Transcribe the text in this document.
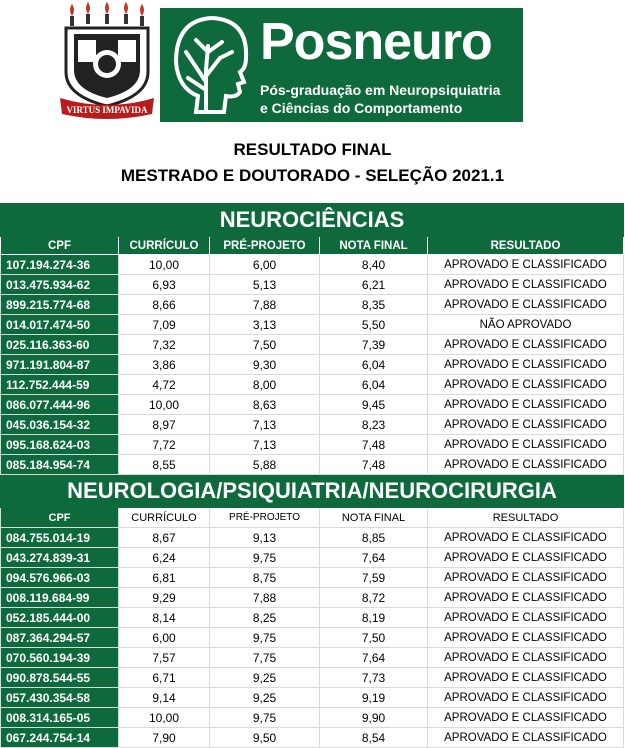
VIRTUS IMPAVIDA
Posneuro
Pós-graduação em Neuropsiquiatria
e Ciências do Comportamento
RESULTADO FINAL
MESTRADO E DOUTORADO - SELEÇÃO 2021.1
NEUROCIÊNCIAS				
CPF	CURRÍCULO	PRÉ-PROJETO	NOTA FINAL	RESULTADO
107.194.274-36	10,00	6,00	8,40	APROVADO E CLASSIFICADO
013.475.934-62	6,93	5,13	6,21	APROVADO E CLASSIFICADO
899.215.774-68	8,66	7,88	8,35	APROVADO E CLASSIFICADO
014.017.474-50	7,09	3,13	5,50	NÃO APROVADO
025.116.363-60	7,32	7,50	7,39	APROVADO E CLASSIFICADO
971.191.804-87	3,86	9,30	6,04	APROVADO E CLASSIFICADO
112.752.444-59	4,72	8,00	6,04	APROVADO E CLASSIFICADO
086.077.444-96	10,00	8,63	9,45	APROVADO E CLASSIFICADO
045.036.154-32	8,97	7,13	8,23	APROVADO E CLASSIFICADO
095.168.624-03	7,72	7,13	7,48	APROVADO E CLASSIFICADO
085.184.954-74	8,55	5,88	7,48	APROVADO E CLASSIFICADO
NEUROLOGIA/PSIQUIATRIA/NEUROCIRURGIA				
CPF	CURRÍCULO	PRÉ-PROJETO	NOTA FINAL	RESULTADO
084.755.014-19	8,67	9,13	8,85	APROVADO E CLASSIFICADO
043.274.839-31	6,24	9,75	7,64	APROVADO E CLASSIFICADO
094.576.966-03	6,81	8,75	7,59	APROVADO E CLASSIFICADO
008.119.684-99	9,29	7,88	8,72	APROVADO E CLASSIFICADO
052.185.444-00	8,14	8,25	8,19	APROVADO E CLASSIFICADO
087.364.294-57	6,00	9,75	7,50	APROVADO E CLASSIFICADO
070.560.194-39	7,57	7,75	7,64	APROVADO E CLASSIFICADO
090.878.544-55	6,71	9,25	7,73	APROVADO E CLASSIFICADO
057.430.354-58	9,14	9,25	9,19	APROVADO E CLASSIFICADO
008.314.165-05	10,00	9,75	9,90	APROVADO E CLASSIFICADO
067.244.754-14	7,90	9,50	8,54	APROVADO E CLASSIFICADO
